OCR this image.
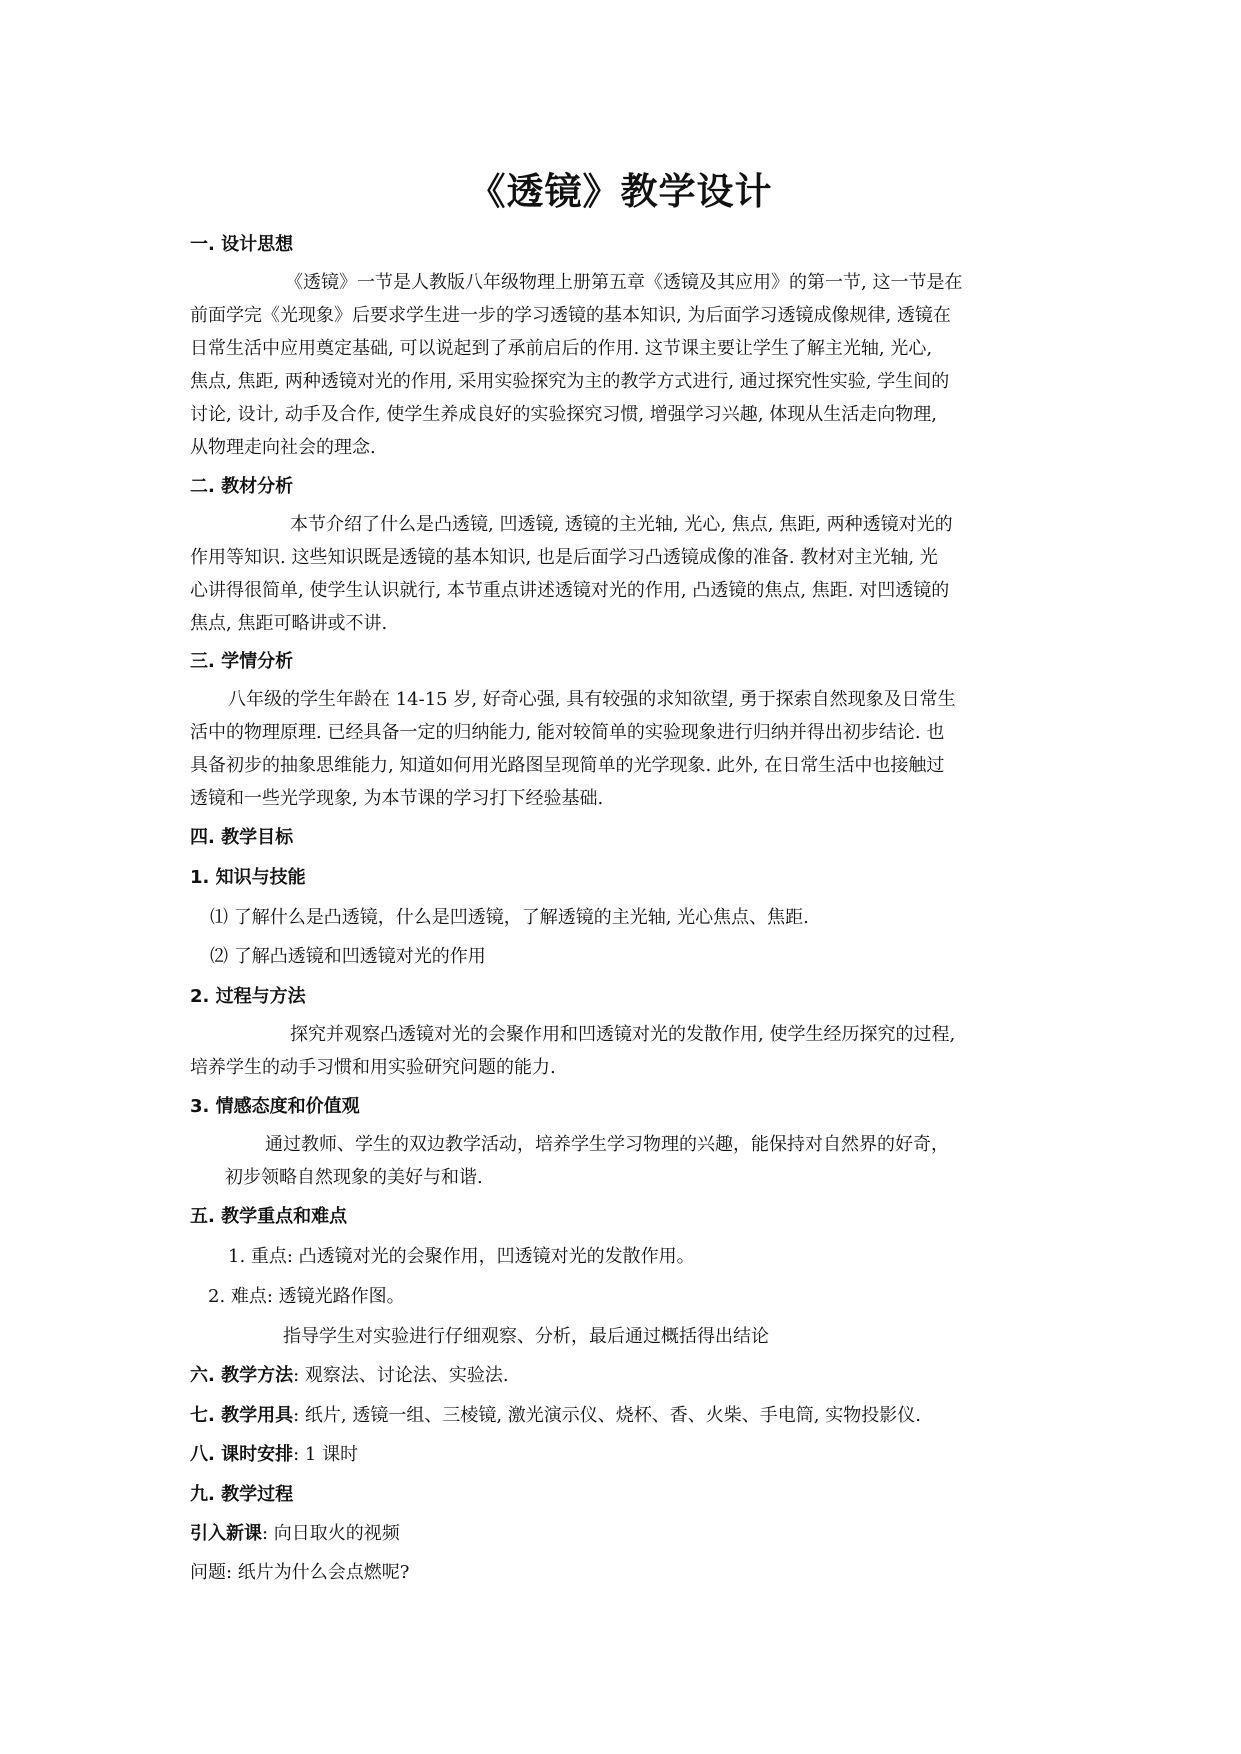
《透镜》教学设计
一. 设计思想
《透镜》一节是人教版八年级物理上册第五章《透镜及其应用》的第一节, 这一节是在
前面学完《光现象》后要求学生进一步的学习透镜的基本知识, 为后面学习透镜成像规律, 透镜在
日常生活中应用奠定基础, 可以说起到了承前启后的作用. 这节课主要让学生了解主光轴, 光心,
焦点, 焦距, 两种透镜对光的作用, 采用实验探究为主的教学方式进行, 通过探究性实验, 学生间的
讨论, 设计, 动手及合作, 使学生养成良好的实验探究习惯, 增强学习兴趣, 体现从生活走向物理,
从物理走向社会的理念.
二. 教材分析
本节介绍了什么是凸透镜, 凹透镜, 透镜的主光轴, 光心, 焦点, 焦距, 两种透镜对光的
作用等知识. 这些知识既是透镜的基本知识, 也是后面学习凸透镜成像的准备. 教材对主光轴, 光
心讲得很简单, 使学生认识就行, 本节重点讲述透镜对光的作用, 凸透镜的焦点, 焦距. 对凹透镜的
焦点, 焦距可略讲或不讲.
三. 学情分析
八年级的学生年龄在 14-15 岁, 好奇心强, 具有较强的求知欲望, 勇于探索自然现象及日常生
活中的物理原理. 已经具备一定的归纳能力, 能对较简单的实验现象进行归纳并得出初步结论. 也
具备初步的抽象思维能力, 知道如何用光路图呈现简单的光学现象. 此外, 在日常生活中也接触过
透镜和一些光学现象, 为本节课的学习打下经验基础.
四. 教学目标
1. 知识与技能
⑴ 了解什么是凸透镜，什么是凹透镜，了解透镜的主光轴, 光心焦点、焦距.
⑵ 了解凸透镜和凹透镜对光的作用
2. 过程与方法
探究并观察凸透镜对光的会聚作用和凹透镜对光的发散作用, 使学生经历探究的过程,
培养学生的动手习惯和用实验研究问题的能力.
3. 情感态度和价值观
通过教师、学生的双边教学活动，培养学生学习物理的兴趣，能保持对自然界的好奇，
初步领略自然现象的美好与和谐.
五. 教学重点和难点
1. 重点: 凸透镜对光的会聚作用，凹透镜对光的发散作用。
2. 难点: 透镜光路作图。
指导学生对实验进行仔细观察、分析，最后通过概括得出结论
六. 教学方法: 观察法、讨论法、实验法.
七. 教学用具: 纸片, 透镜一组、三棱镜, 激光演示仪、烧杯、香、火柴、手电筒, 实物投影仪.
八. 课时安排: 1 课时
九. 教学过程
引入新课: 向日取火的视频
问题: 纸片为什么会点燃呢?
